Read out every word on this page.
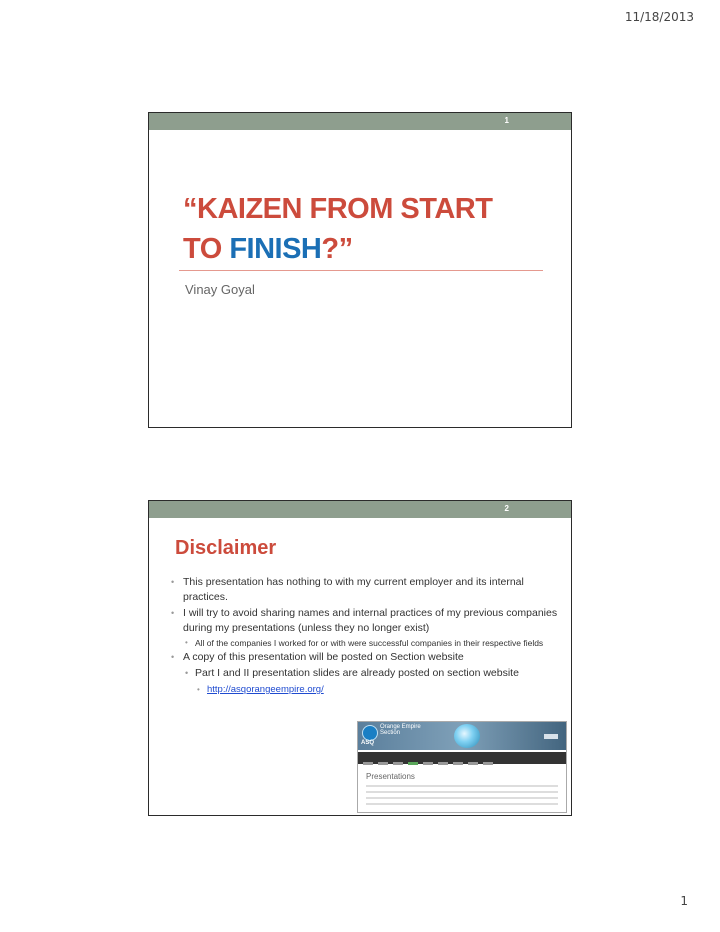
11/18/2013
1
“KAIZEN FROM START
TO FINISH?”
Vinay Goyal
2
Disclaimer
• This presentation has nothing to with my current employer and its internal practices.
• I will try to avoid sharing names and internal practices of my previous companies during my presentations (unless they no longer exist)
• All of the companies I worked for or with were successful companies in their respective fields
• A copy of this presentation will be posted on Section website
• Part I and II presentation slides are already posted on section website
• http://asqorangeempire.org/
ASQ
Orange Empire
Section
Presentations
1
